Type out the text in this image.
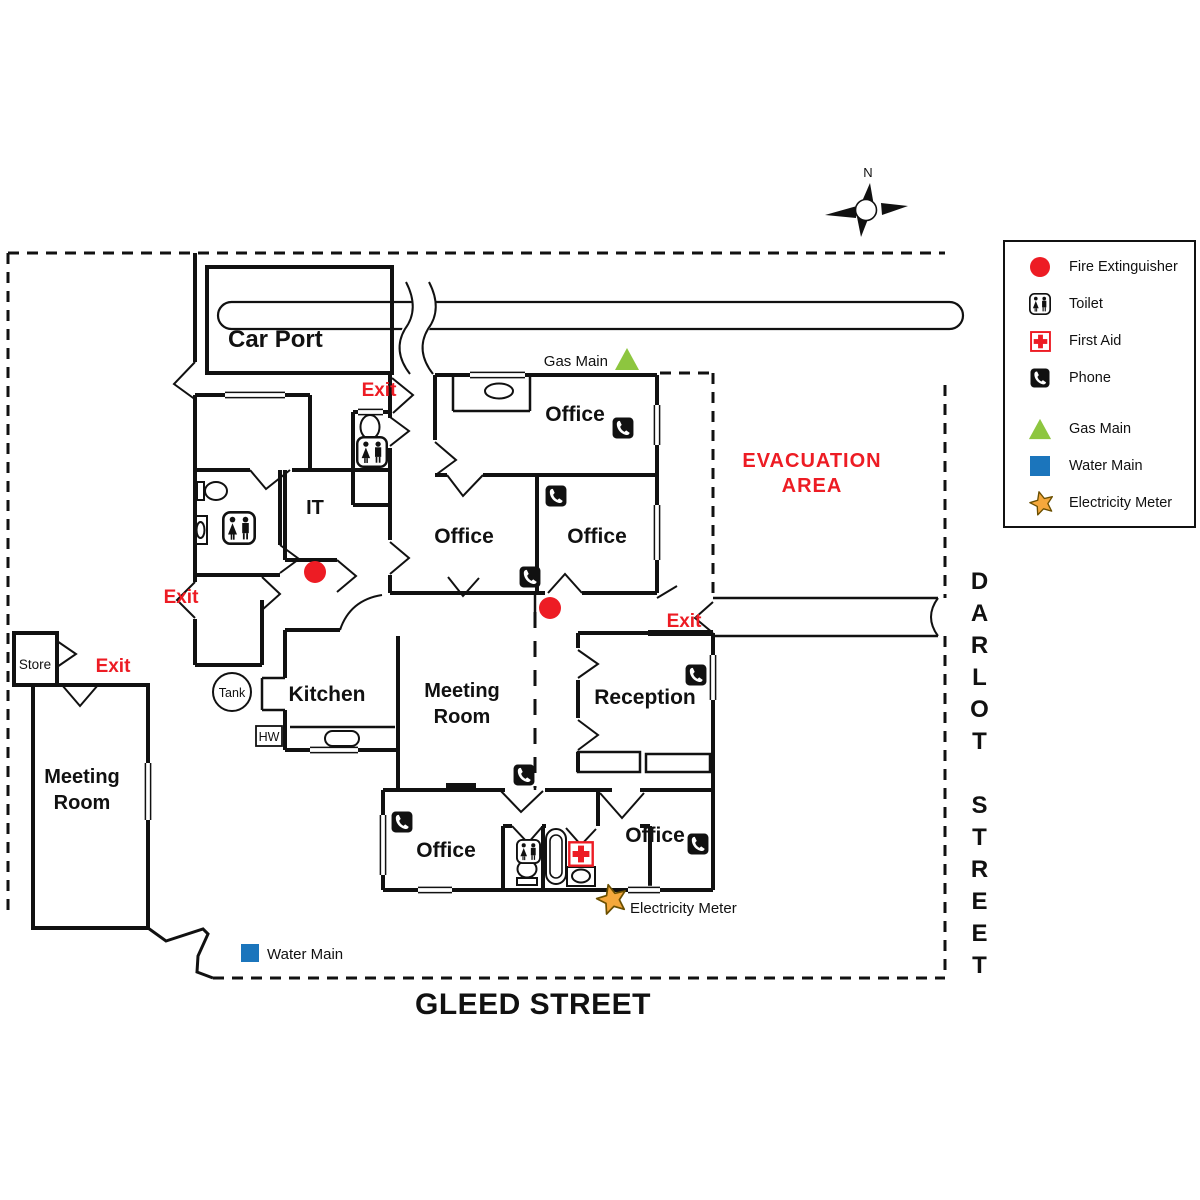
Tank
HW
Gas Main
Water Main
Electricity Meter
Car Port
Office
Office	Office
IT
Kitchen	Meeting
Room
Reception
Office
Office
Meeting
Room
Store
Exit
Exit
Exit
Exit
EVACUATION
AREA
N
Fire Extinguisher
Toilet
First Aid
Phone
Gas Main
Water Main
Electricity Meter
GLEED STREET
DARLOT STREET
